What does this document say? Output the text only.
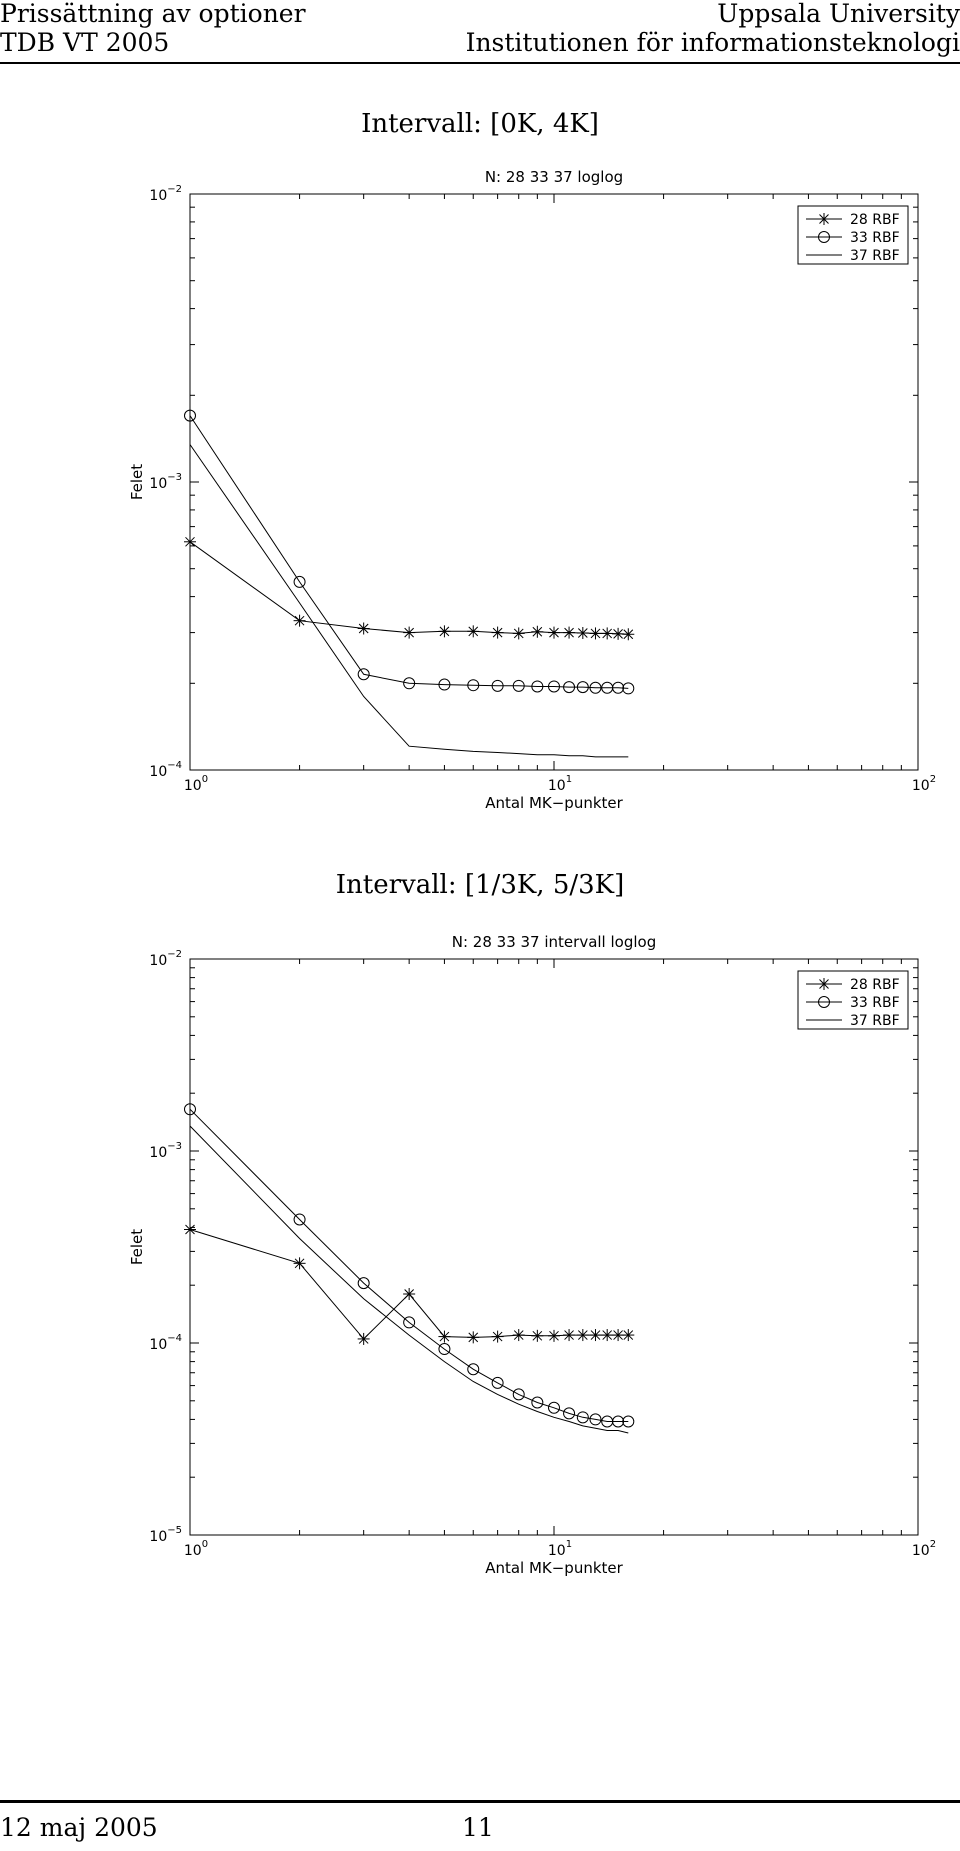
Prissättning av optioner
TDB VT 2005
Uppsala University
Institutionen för informationsteknologi
Intervall: [0K, 4K]
$10^0$	$10^1$	$10^2$
$10^{-4}$
$10^{-3}$
$10^{-2}$
N: 28 33 37 loglog
Antal MK−punkter
Felet
28 RBF
33 RBF
37 RBF
Intervall: [1/3K, 5/3K]
$10^0$	$10^1$	$10^2$
$10^{-5}$
$10^{-4}$
$10^{-3}$
$10^{-2}$
N: 28 33 37 intervall loglog
Antal MK−punkter
Felet
28 RBF
33 RBF
37 RBF
12 maj 2005	11
